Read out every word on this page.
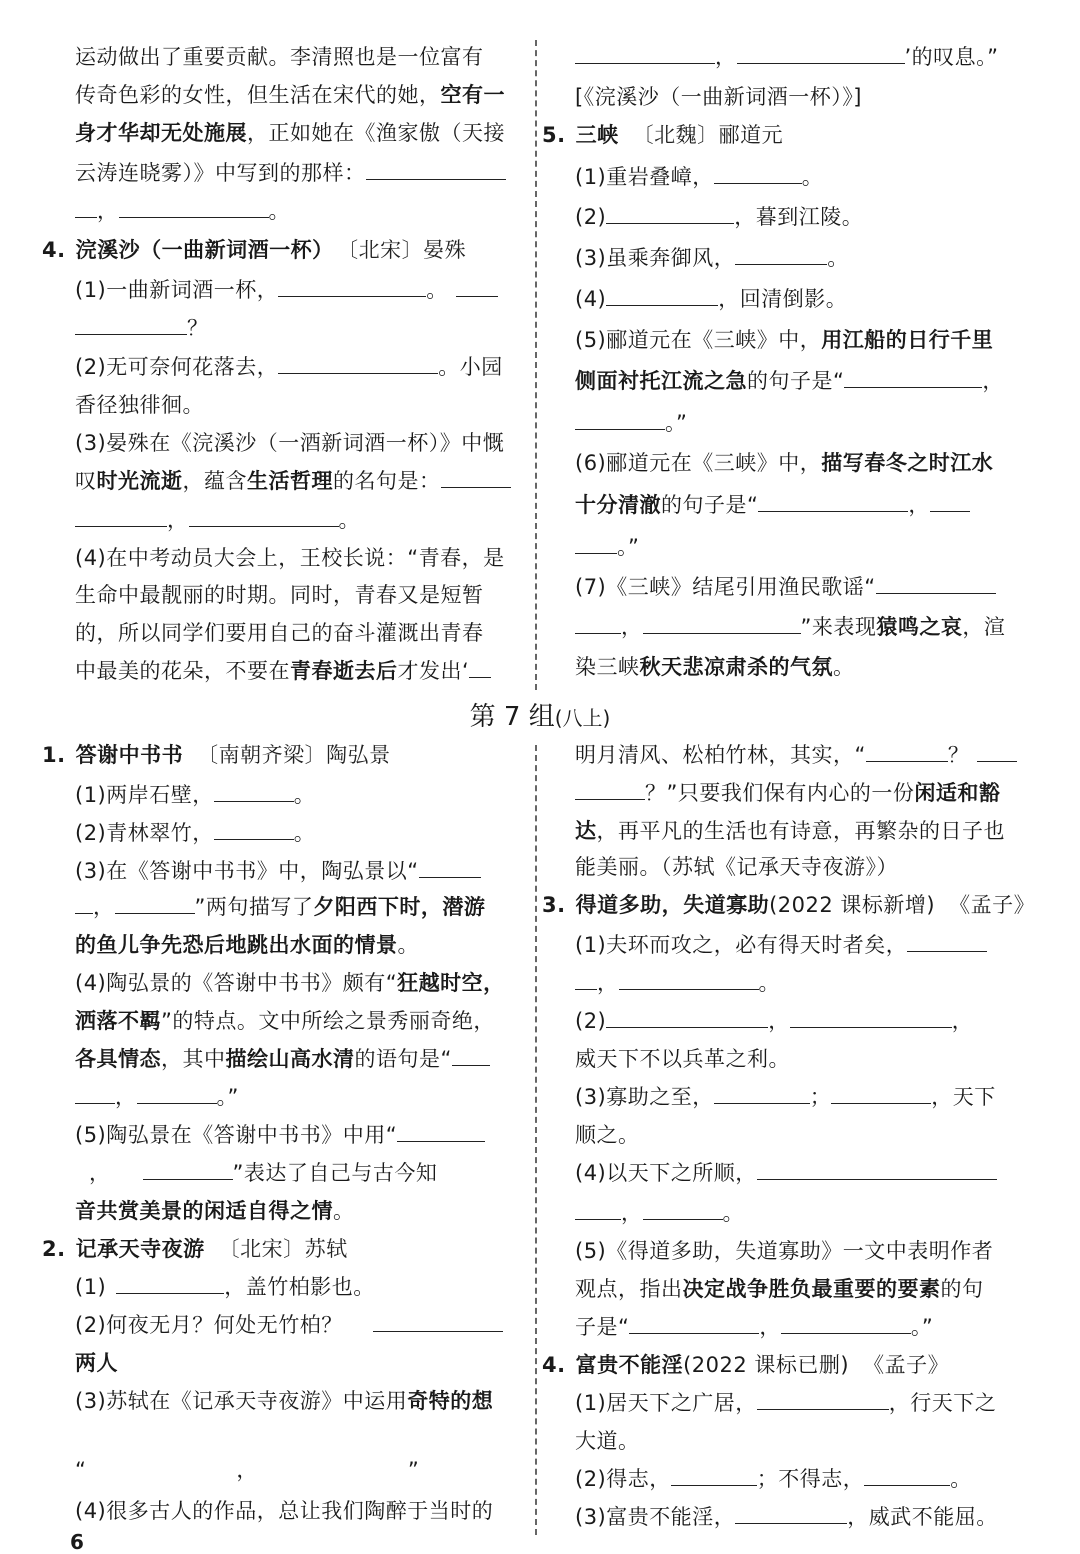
运动做出了重要贡献。李清照也是一位富有
传奇色彩的女性，但生活在宋代的她，空有一
身才华却无处施展，正如她在《渔家傲（天接
云涛连晓雾）》中写到的那样：
，	。
4. 浣溪沙（一曲新词酒一杯） 〔北宋〕晏殊
(1)一曲新词酒一杯，	。
？
(2)无可奈何花落去，	。小园
香径独徘徊。
(3)晏殊在《浣溪沙（一酒新词酒一杯）》中慨
叹时光流逝，蕴含生活哲理的名句是：
，	。
(4)在中考动员大会上，王校长说：“青春，是
生命中最靓丽的时期。同时，青春又是短暂
的，所以同学们要用自己的奋斗灌溉出青春
中最美的花朵，不要在青春逝去后才发出‘
，	’的叹息。”
[《浣溪沙（一曲新词酒一杯）》]
5. 三峡 〔北魏〕郦道元
(1)重岩叠嶂，	。
(2)	，暮到江陵。
(3)虽乘奔御风，	。
(4)	，回清倒影。
(5)郦道元在《三峡》中，用江船的日行千里
侧面衬托江流之急的句子是“	，
。”
(6)郦道元在《三峡》中，描写春冬之时江水
十分清澈的句子是“	，
。”
(7)《三峡》结尾引用渔民歌谣“
，	”来表现猿鸣之哀，渲
染三峡秋天悲凉肃杀的气氛。
第 7 组(八上)
1. 答谢中书书 〔南朝齐梁〕陶弘景
(1)两岸石壁，	。
(2)青林翠竹，	。
(3)在《答谢中书书》中，陶弘景以“
，	”两句描写了夕阳西下时，潜游
的鱼儿争先恐后地跳出水面的情景。
(4)陶弘景的《答谢中书书》颇有“狂越时空，
洒落不羁”的特点。文中所绘之景秀丽奇绝，
各具情态，其中描绘山高水清的语句是“
，	。”
(5)陶弘景在《答谢中书书》中用“
，	”表达了自己与古今知
音共赏美景的闲适自得之情。
2. 记承天寺夜游 〔北宋〕苏轼
(1)	，盖竹柏影也。
(2)何夜无月？何处无竹柏？
两人
(3)苏轼在《记承天寺夜游》中运用奇特的想
“	，	”
(4)很多古人的作品，总让我们陶醉于当时的
明月清风、松柏竹林，其实，“	？
？”只要我们保有内心的一份闲适和豁
达，再平凡的生活也有诗意，再繁杂的日子也
能美丽。（苏轼《记承天寺夜游》）
3. 得道多助，失道寡助(2022 课标新增) 《孟子》
(1)夫环而攻之，必有得天时者矣，
，	。
(2)	，	，
威天下不以兵革之利。
(3)寡助之至，	；	，天下
顺之。
(4)以天下之所顺，
，	。
(5)《得道多助，失道寡助》一文中表明作者
观点，指出决定战争胜负最重要的要素的句
子是“	，	。”
4. 富贵不能淫(2022 课标已删) 《孟子》
(1)居天下之广居，	，行天下之
大道。
(2)得志，	；不得志，	。
(3)富贵不能淫，	，威武不能屈。
6
